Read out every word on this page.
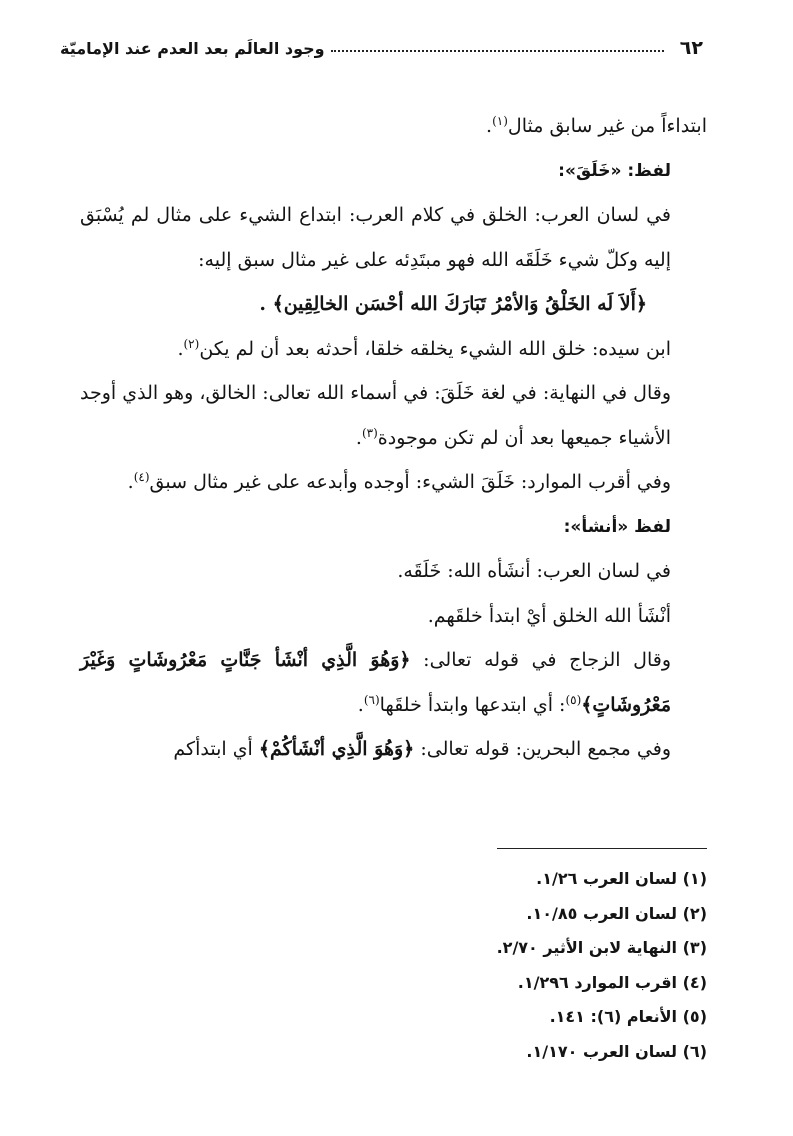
٦٢
وجود العالَم بعد العدم عند الإماميّة

ابتداءاً من غير سابق مثال$^{(١)}$.

لفظ: «خَلَقَ»:

في لسان العرب: الخلق في كلام العرب: ابتداع الشيء على مثال لم يُسْبَق إليه وكلّ شيء خَلَقَه الله فهو مبتَدِئه على غير مثال سبق إليه:

﴿أَلاَ لَه الخَلْقُ وَالأمْرُ تَبَارَكَ الله أحْسَن الخالِقِين﴾ .

ابن سيده: خلق الله الشيء يخلقه خلقا، أحدثه بعد أن لم يكن$^{(٢)}$.

وقال في النهاية: في لغة خَلَقَ: في أسماء الله تعالى: الخالق، وهو الذي أوجد الأشياء جميعها بعد أن لم تكن موجودة$^{(٣)}$.

وفي أقرب الموارد: خَلَقَ الشيء: أوجده وأبدعه على غير مثال سبق$^{(٤)}$.

لفظ «أنشأ»:

في لسان العرب: أنشَأه الله: خَلَقَه.

أنْشَأ الله الخلق أيْ ابتدأ خلقَهم.

وقال الزجاج في قوله تعالى: ﴿وَهُوَ الَّذِي أنْشَأ جَنَّاتٍ مَعْرُوشَاتٍ وَغَيْرَ مَعْرُوشَاتٍ﴾$^{(٥)}$: أي ابتدعها وابتدأ خلقَها$^{(٦)}$.

وفي مجمع البحرين: قوله تعالى: ﴿وَهُوَ الَّذِي أنْشَأكُمْ﴾ أي ابتدأكم

(١) لسان العرب ١/٢٦.
(٢) لسان العرب ١٠/٨٥.
(٣) النهاية لابن الأثير ٢/٧٠.
(٤) اقرب الموارد ١/٢٩٦.
(٥) الأنعام (٦): ١٤١.
(٦) لسان العرب ١/١٧٠.
